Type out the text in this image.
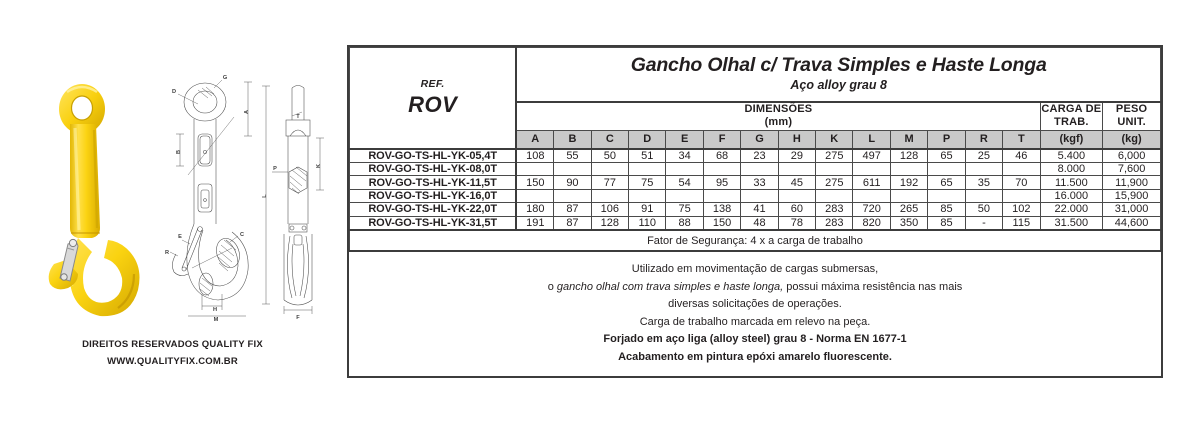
G
D
A
B
E
R
C
H
M
T
P	K
F
L
DIREITOS RESERVADOS QUALITY FIX
WWW.QUALITYFIX.COM.BR
REF.
ROV

Gancho Olhal c/ Trava Simples e Haste Longa
Aço alloy grau 8

DIMENSÕES
(mm)

CARGA DE
TRAB.

PESO
UNIT.

	A	B	C	D	E	F	G	H	K	L	M	P	R	T	(kgf)	(kg)
ROV-GO-TS-HL-YK-05,4T	108	55	50	51	34	68	23	29	275	497	128	65	25	46	5.400	6,000
ROV-GO-TS-HL-YK-08,0T															8.000	7,600
ROV-GO-TS-HL-YK-11,5T	150	90	77	75	54	95	33	45	275	611	192	65	35	70	11.500	11,900
ROV-GO-TS-HL-YK-16,0T															16.000	15,900
ROV-GO-TS-HL-YK-22,0T	180	87	106	91	75	138	41	60	283	720	265	85	50	102	22.000	31,000
ROV-GO-TS-HL-YK-31,5T	191	87	128	110	88	150	48	78	283	820	350	85	-	115	31.500	44,600
Fator de Segurança: 4 x a carga de trabalho																

Utilizado em movimentação de cargas submersas,
o gancho olhal com trava simples e haste longa, possui máxima resistência nas mais
diversas solicitações de operações.
Carga de trabalho marcada em relevo na peça.
Forjado em aço liga (alloy steel) grau 8 - Norma EN 1677-1
Acabamento em pintura epóxi amarelo fluorescente.
